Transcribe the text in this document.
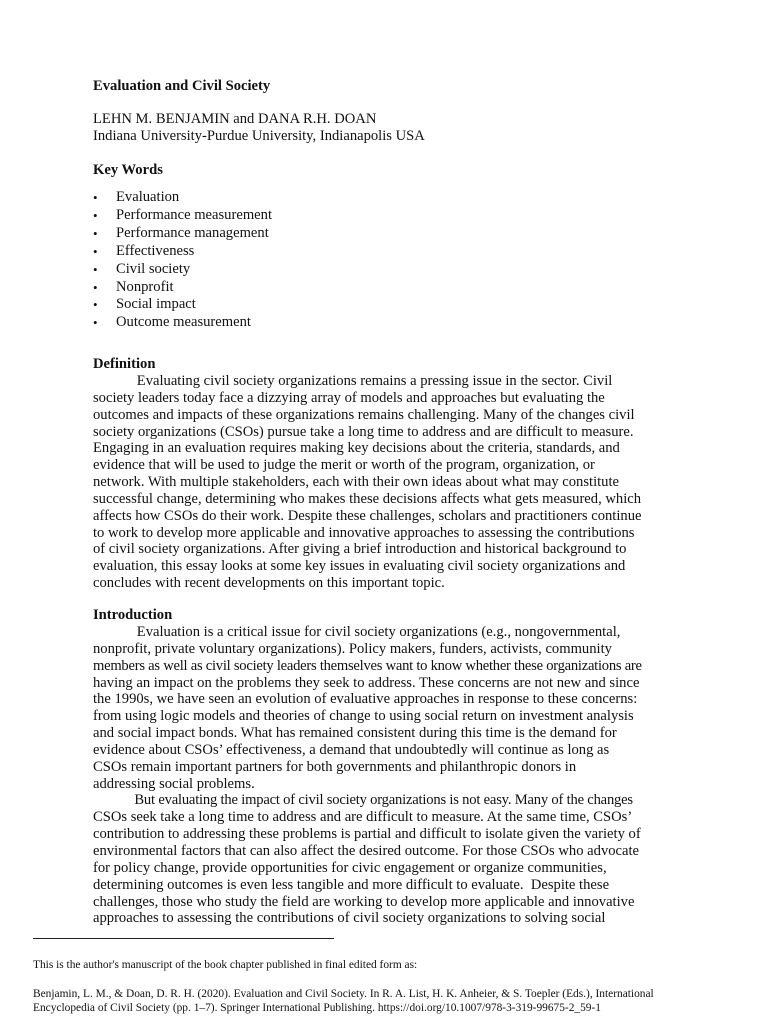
Evaluation and Civil Society
LEHN M. BENJAMIN and DANA R.H. DOAN
Indiana University-Purdue University, Indianapolis USA
Key Words
•	Evaluation
•	Performance measurement
•	Performance management
•	Effectiveness
•	Civil society
•	Nonprofit
•	Social impact
•	Outcome measurement
Definition
Evaluating civil society organizations remains a pressing issue in the sector. Civil
society leaders today face a dizzying array of models and approaches but evaluating the
outcomes and impacts of these organizations remains challenging. Many of the changes civil
society organizations (CSOs) pursue take a long time to address and are difficult to measure.
Engaging in an evaluation requires making key decisions about the criteria, standards, and
evidence that will be used to judge the merit or worth of the program, organization, or
network. With multiple stakeholders, each with their own ideas about what may constitute
successful change, determining who makes these decisions affects what gets measured, which
affects how CSOs do their work. Despite these challenges, scholars and practitioners continue
to work to develop more applicable and innovative approaches to assessing the contributions
of civil society organizations. After giving a brief introduction and historical background to
evaluation, this essay looks at some key issues in evaluating civil society organizations and
concludes with recent developments on this important topic.
Introduction
Evaluation is a critical issue for civil society organizations (e.g., nongovernmental,
nonprofit, private voluntary organizations). Policy makers, funders, activists, community
members as well as civil society leaders themselves want to know whether these organizations are
having an impact on the problems they seek to address. These concerns are not new and since
the 1990s, we have seen an evolution of evaluative approaches in response to these concerns:
from using logic models and theories of change to using social return on investment analysis
and social impact bonds. What has remained consistent during this time is the demand for
evidence about CSOs’ effectiveness, a demand that undoubtedly will continue as long as
CSOs remain important partners for both governments and philanthropic donors in
addressing social problems.
But evaluating the impact of civil society organizations is not easy. Many of the changes
CSOs seek take a long time to address and are difficult to measure. At the same time, CSOs’
contribution to addressing these problems is partial and difficult to isolate given the variety of
environmental factors that can also affect the desired outcome. For those CSOs who advocate
for policy change, provide opportunities for civic engagement or organize communities,
determining outcomes is even less tangible and more difficult to evaluate.  Despite these
challenges, those who study the field are working to develop more applicable and innovative
approaches to assessing the contributions of civil society organizations to solving social
This is the author's manuscript of the book chapter published in final edited form as:
Benjamin, L. M., & Doan, D. R. H. (2020). Evaluation and Civil Society. In R. A. List, H. K. Anheier, & S. Toepler (Eds.), International
Encyclopedia of Civil Society (pp. 1–7). Springer International Publishing. https://doi.org/10.1007/978-3-319-99675-2_59-1
